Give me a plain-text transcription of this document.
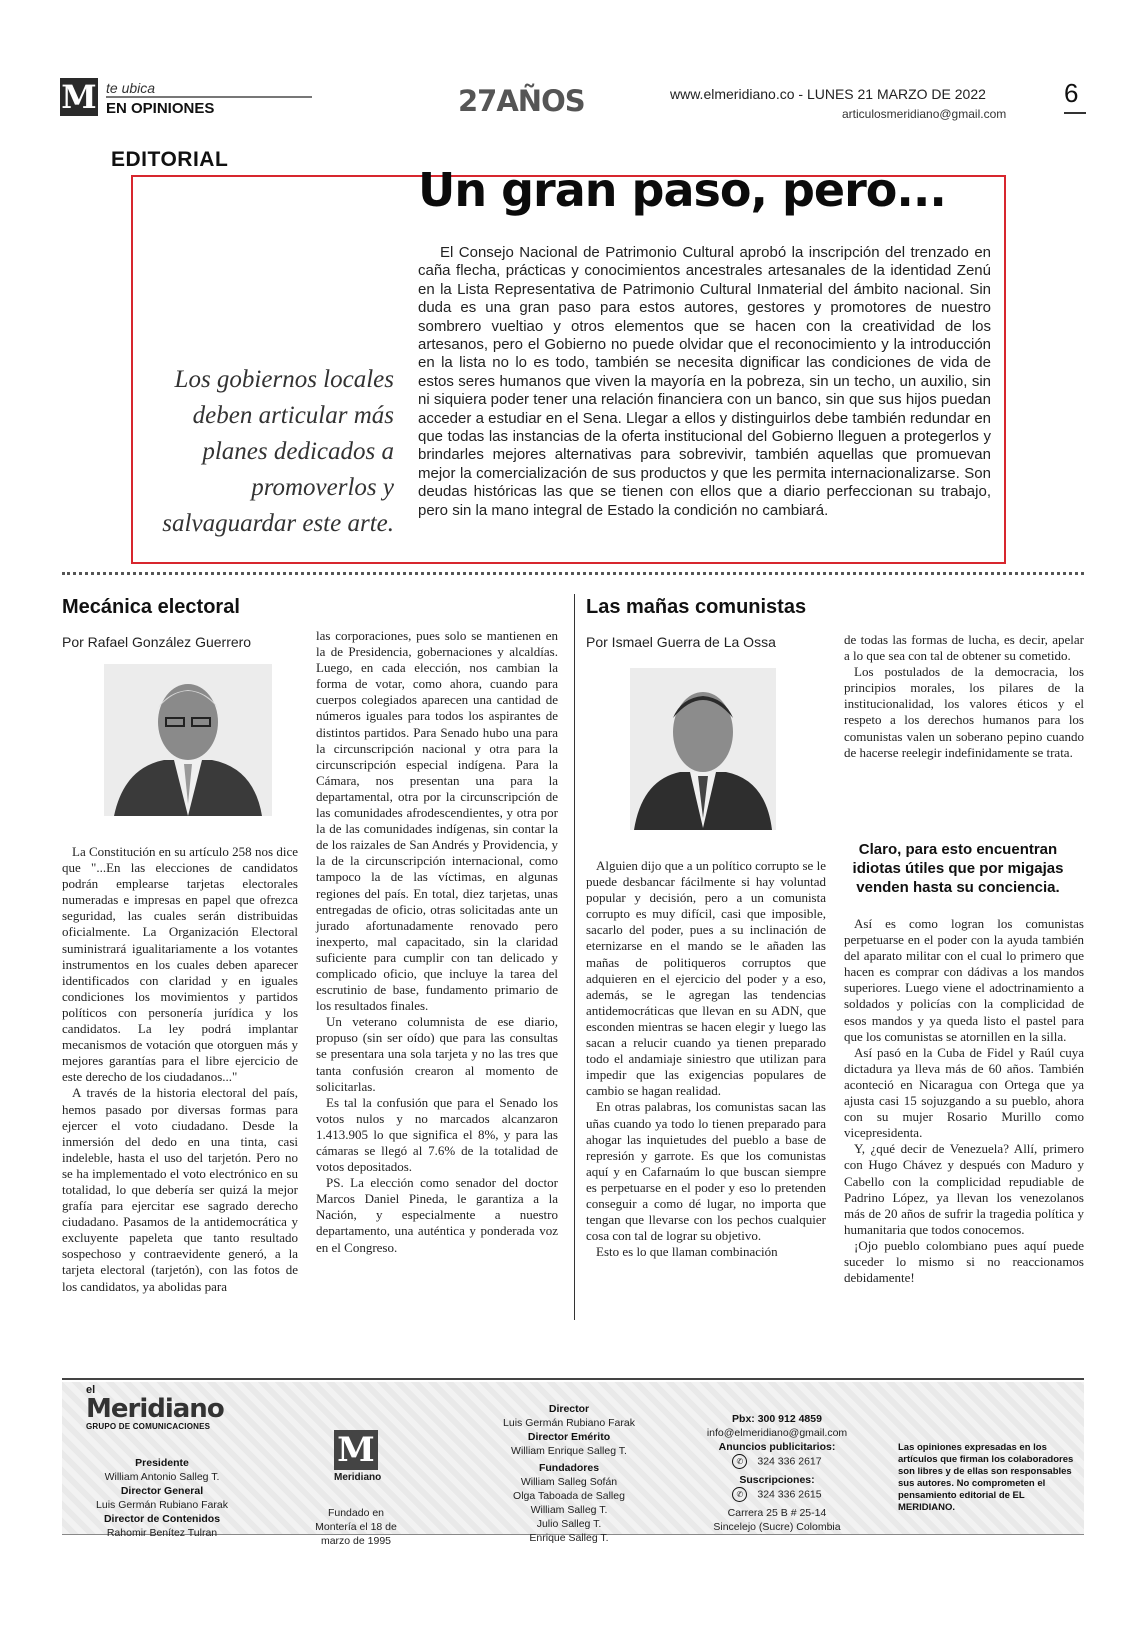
M te ubica
EN OPINIONES	27AÑOS	www.elmeridiano.co - LUNES 21 MARZO DE 2022
articulosmeridiano@gmail.com
6
EDITORIAL
Un gran paso, pero...
Los gobiernos locales deben articular más planes dedicados a promoverlos y salvaguardar este arte.
El Consejo Nacional de Patrimonio Cultural aprobó la inscripción del trenzado en caña flecha, prácticas y conocimientos ancestrales artesanales de la identidad Zenú en la Lista Representativa de Patrimonio Cultural Inmaterial del ámbito nacional. Sin duda es una gran paso para estos autores, gestores y promotores de nuestro sombrero vueltiao y otros elementos que se hacen con la creatividad de los artesanos, pero el Gobierno no puede olvidar que el reconocimiento y la introducción en la lista no lo es todo, también se necesita dignificar las condiciones de vida de estos seres humanos que viven la mayoría en la pobreza, sin un techo, un auxilio, sin ni siquiera poder tener una relación financiera con un banco, sin que sus hijos puedan acceder a estudiar en el Sena. Llegar a ellos y distinguirlos debe también redundar en que todas las instancias de la oferta institucional del Gobierno lleguen a protegerlos y brindarles mejores alternativas para sobrevivir, también aquellas que promuevan mejor la comercialización de sus productos y que les permita internacionalizarse. Son deudas históricas las que se tienen con ellos que a diario perfeccionan su trabajo, pero sin la mano integral de Estado la condición no cambiará.
Mecánica electoral
Por Rafael González Guerrero

La Constitución en su artículo 258 nos dice que "...En las elecciones de candidatos podrán emplearse tarjetas electorales numeradas e impresas en papel que ofrezca seguridad, las cuales serán distribuidas oficialmente. La Organización Electoral suministrará igualitariamente a los votantes instrumentos en los cuales deben aparecer identificados con claridad y en iguales condiciones los movimientos y partidos políticos con personería jurídica y los candidatos. La ley podrá implantar mecanismos de votación que otorguen más y mejores garantías para el libre ejercicio de este derecho de los ciudadanos..."

A través de la historia electoral del país, hemos pasado por diversas formas para ejercer el voto ciudadano. Desde la inmersión del dedo en una tinta, casi indeleble, hasta el uso del tarjetón. Pero no se ha implementado el voto electrónico en su totalidad, lo que debería ser quizá la mejor grafía para ejercitar ese sagrado derecho ciudadano. Pasamos de la antidemocrática y excluyente papeleta que tanto resultado sospechoso y contraevidente generó, a la tarjeta electoral (tarjetón), con las fotos de los candidatos, ya abolidas para

las corporaciones, pues solo se mantienen en la de Presidencia, gobernaciones y alcaldías. Luego, en cada elección, nos cambian la forma de votar, como ahora, cuando para cuerpos colegiados aparecen una cantidad de números iguales para todos los aspirantes de distintos partidos. Para Senado hubo una para la circunscripción nacional y otra para la circunscripción especial indígena. Para la Cámara, nos presentan una para la departamental, otra por la circunscripción de las comunidades afrodescendientes, y otra por la de las comunidades indígenas, sin contar la de los raizales de San Andrés y Providencia, y la de la circunscripción internacional, como tampoco la de las víctimas, en algunas regiones del país. En total, diez tarjetas, unas entregadas de oficio, otras solicitadas ante un jurado afortunadamente renovado pero inexperto, mal capacitado, sin la claridad suficiente para cumplir con tan delicado y complicado oficio, que incluye la tarea del escrutinio de base, fundamento primario de los resultados finales.

Un veterano columnista de ese diario, propuso (sin ser oído) que para las consultas se presentara una sola tarjeta y no las tres que tanta confusión crearon al momento de solicitarlas.

Es tal la confusión que para el Senado los votos nulos y no marcados alcanzaron 1.413.905 lo que significa el 8%, y para las cámaras se llegó al 7.6% de la totalidad de votos depositados.

PS. La elección como senador del doctor Marcos Daniel Pineda, le garantiza a la Nación, y especialmente a nuestro departamento, una auténtica y ponderada voz en el Congreso.

Las mañas comunistas
Por Ismael Guerra de La Ossa

Alguien dijo que a un político corrupto se le puede desbancar fácilmente si hay voluntad popular y decisión, pero a un comunista corrupto es muy difícil, casi que imposible, sacarlo del poder, pues a su inclinación de eternizarse en el mando se le añaden las mañas de politiqueros corruptos que adquieren en el ejercicio del poder y a eso, además, se le agregan las tendencias antidemocráticas que llevan en su ADN, que esconden mientras se hacen elegir y luego las sacan a relucir cuando ya tienen preparado todo el andamiaje siniestro que utilizan para impedir que las exigencias populares de cambio se hagan realidad.

En otras palabras, los comunistas sacan las uñas cuando ya todo lo tienen preparado para ahogar las inquietudes del pueblo a base de represión y garrote. Es que los comunistas aquí y en Cafarnaúm lo que buscan siempre es perpetuarse en el poder y eso lo pretenden conseguir a como dé lugar, no importa que tengan que llevarse con los pechos cualquier cosa con tal de lograr su objetivo.

Esto es lo que llaman combinación

de todas las formas de lucha, es decir, apelar a lo que sea con tal de obtener su cometido.

Los postulados de la democracia, los principios morales, los pilares de la institucionalidad, los valores éticos y el respeto a los derechos humanos para los comunistas valen un soberano pepino cuando de hacerse reelegir indefinidamente se trata.

Claro, para esto encuentran idiotas útiles que por migajas venden hasta su conciencia.

Así es como logran los comunistas perpetuarse en el poder con la ayuda también del aparato militar con el cual lo primero que hacen es comprar con dádivas a los mandos superiores. Luego viene el adoctrinamiento a soldados y policías con la complicidad de esos mandos y ya queda listo el pastel para que los comunistas se atornillen en la silla.

Así pasó en la Cuba de Fidel y Raúl cuya dictadura ya lleva más de 60 años. También aconteció en Nicaragua con Ortega que ya ajusta casi 15 sojuzgando a su pueblo, ahora con su mujer Rosario Murillo como vicepresidenta.

Y, ¿qué decir de Venezuela? Allí, primero con Hugo Chávez y después con Maduro y Cabello con la complicidad repudiable de Padrino López, ya llevan los venezolanos más de 20 años de sufrir la tragedia política y humanitaria que todos conocemos.

¡Ojo pueblo colombiano pues aquí puede suceder lo mismo si no reaccionamos debidamente!

el
Meridiano
GRUPO DE COMUNICACIONES
Presidente
William Antonio Salleg T.
Director General
Luis Germán Rubiano Farak
Director de Contenidos
Rahomir Benítez Tulran
M
Meridiano
Fundado en Montería el 18 de marzo de 1995
Director
Luis Germán Rubiano Farak
Director Emérito
William Enrique Salleg T.
Fundadores
William Salleg Sofán
Olga Taboada de Salleg
William Salleg T.
Julio Salleg T.
Enrique Salleg T.
Pbx: 300 912 4859
info@elmeridiano@gmail.com
Anuncios publicitarios:
✆ 324 336 2617
Suscripciones:
✆ 324 336 2615
Carrera 25 B # 25-14
Sincelejo (Sucre) Colombia
Las opiniones expresadas en los artículos que firman los colaboradores son libres y de ellas son responsables sus autores. No comprometen el pensamiento editorial de EL MERIDIANO.
